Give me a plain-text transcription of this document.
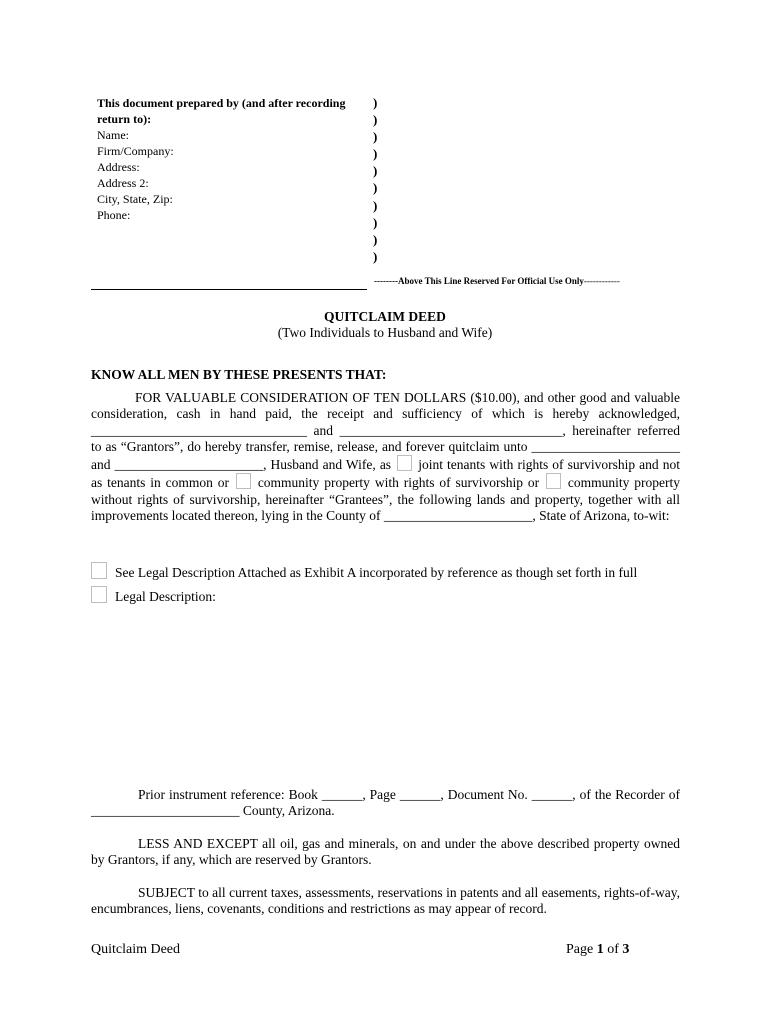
This document prepared by (and after recording return to):
Name:
Firm/Company:
Address:
Address 2:
City, State, Zip:
Phone:
)
)
)
)
)
)
)
)
)
)
--------Above This Line Reserved For Official Use Only------------
QUITCLAIM DEED
(Two Individuals to Husband and Wife)
KNOW ALL MEN BY THESE PRESENTS THAT:
FOR VALUABLE CONSIDERATION OF TEN DOLLARS ($10.00), and other good and valuable consideration, cash in hand paid, the receipt and sufficiency of which is hereby acknowledged, ________________________________ and _________________________________, hereinafter referred to as “Grantors”, do hereby transfer, remise, release, and forever quitclaim unto ______________________ and ______________________, Husband and Wife, as joint tenants with rights of survivorship and not as tenants in common or community property with rights of survivorship or community property without rights of survivorship, hereinafter “Grantees”, the following lands and property, together with all improvements located thereon, lying in the County of ______________________, State of Arizona, to-wit:
See Legal Description Attached as Exhibit A incorporated by reference as though set forth in full
Legal Description:
Prior instrument reference: Book ______, Page ______, Document No. ______, of the Recorder of ______________________ County, Arizona.
LESS AND EXCEPT all oil, gas and minerals, on and under the above described property owned by Grantors, if any, which are reserved by Grantors.
SUBJECT to all current taxes, assessments, reservations in patents and all easements, rights-of-way, encumbrances, liens, covenants, conditions and restrictions as may appear of record.
Quitclaim Deed	Page 1 of 3
